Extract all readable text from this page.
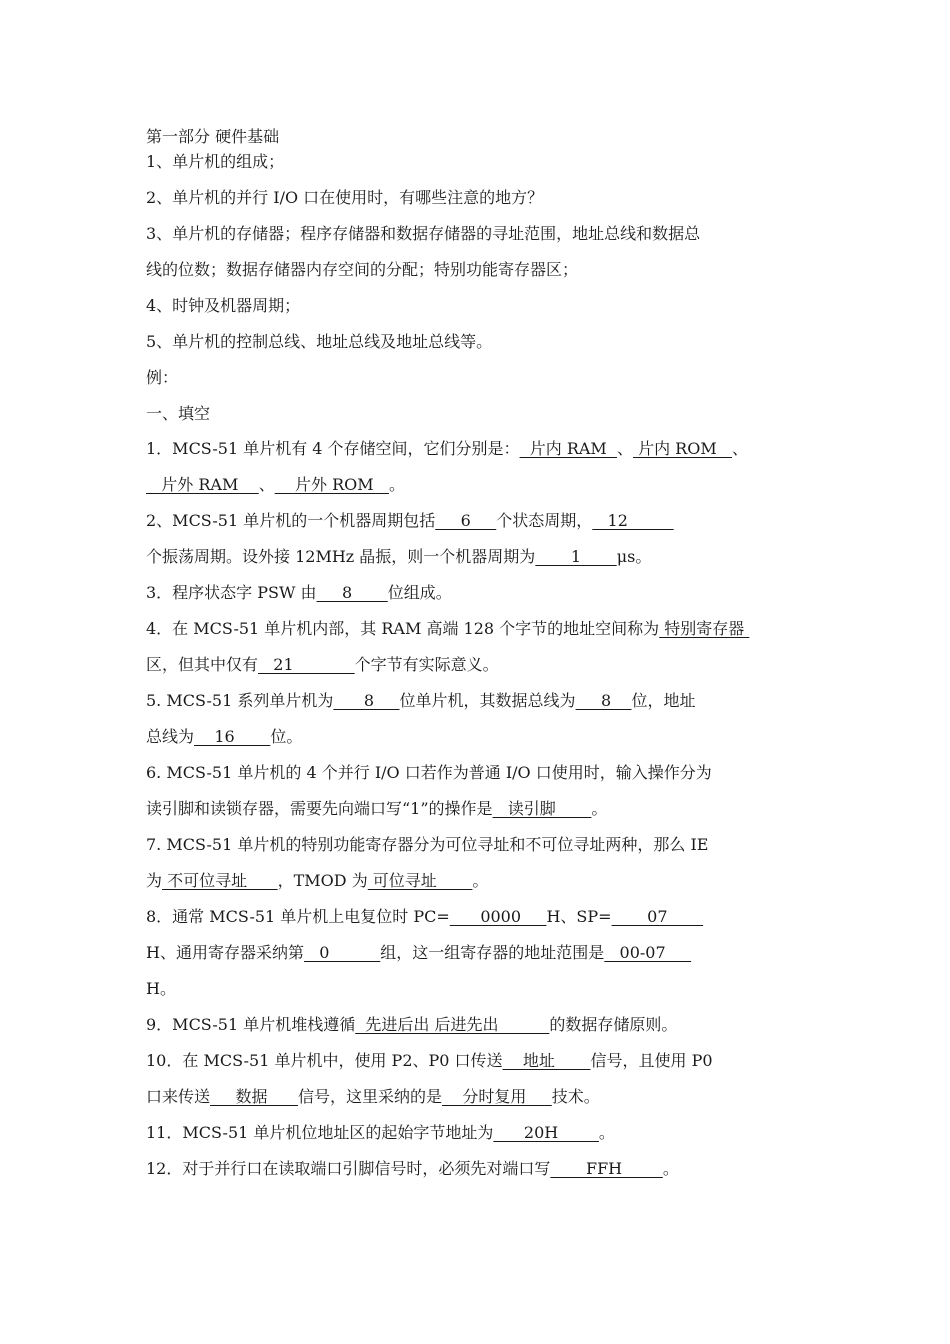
第一部分 硬件基础
1、单片机的组成；
2、单片机的并行 I/O 口在使用时，有哪些注意的地方？
3、单片机的存储器；程序存储器和数据存储器的寻址范围，地址总线和数据总
线的位数；数据存储器内存空间的分配；特别功能寄存器区；
4、时钟及机器周期；
5、单片机的控制总线、地址总线及地址总线等。
例：
一、填空
1．MCS-51 单片机有 4 个存储空间，它们分别是：  片内 RAM  、 片内 ROM   、
片外 RAM    、    片外 ROM   。
2、MCS-51 单片机的一个机器周期包括     6     个状态周期，   12
个振荡周期。设外接 12MHz 晶振，则一个机器周期为       1       μs。
3．程序状态字 PSW 由     8       位组成。
4．在 MCS-51 单片机内部，其 RAM 高端 128 个字节的地址空间称为 特别寄存器
区，但其中仅有   21            个字节有实际意义。
5. MCS-51 系列单片机为      8     位单片机，其数据总线为     8    位，地址
总线为    16       位。
6. MCS-51 单片机的 4 个并行 I/O 口若作为普通 I/O 口使用时，输入操作分为
读引脚和读锁存器，需要先向端口写“1”的操作是   读引脚       。
7. MCS-51 单片机的特别功能寄存器分为可位寻址和不可位寻址两种，那么 IE
为 不可位寻址      ，TMOD 为 可位寻址       。
8．通常 MCS-51 单片机上电复位时 PC=      0000     H、SP=       07
H、通用寄存器采纳第   0          组，这一组寄存器的地址范围是   00-07
H。
9．MCS-51 单片机堆栈遵循  先进后出 后进先出          的数据存储原则。
10．在 MCS-51 单片机中，使用 P2、P0 口传送    地址       信号，且使用 P0
口来传送     数据      信号，这里采纳的是    分时复用     技术。
11．MCS-51 单片机位地址区的起始字节地址为      20H        。
12．对于并行口在读取端口引脚信号时，必须先对端口写       FFH        。
